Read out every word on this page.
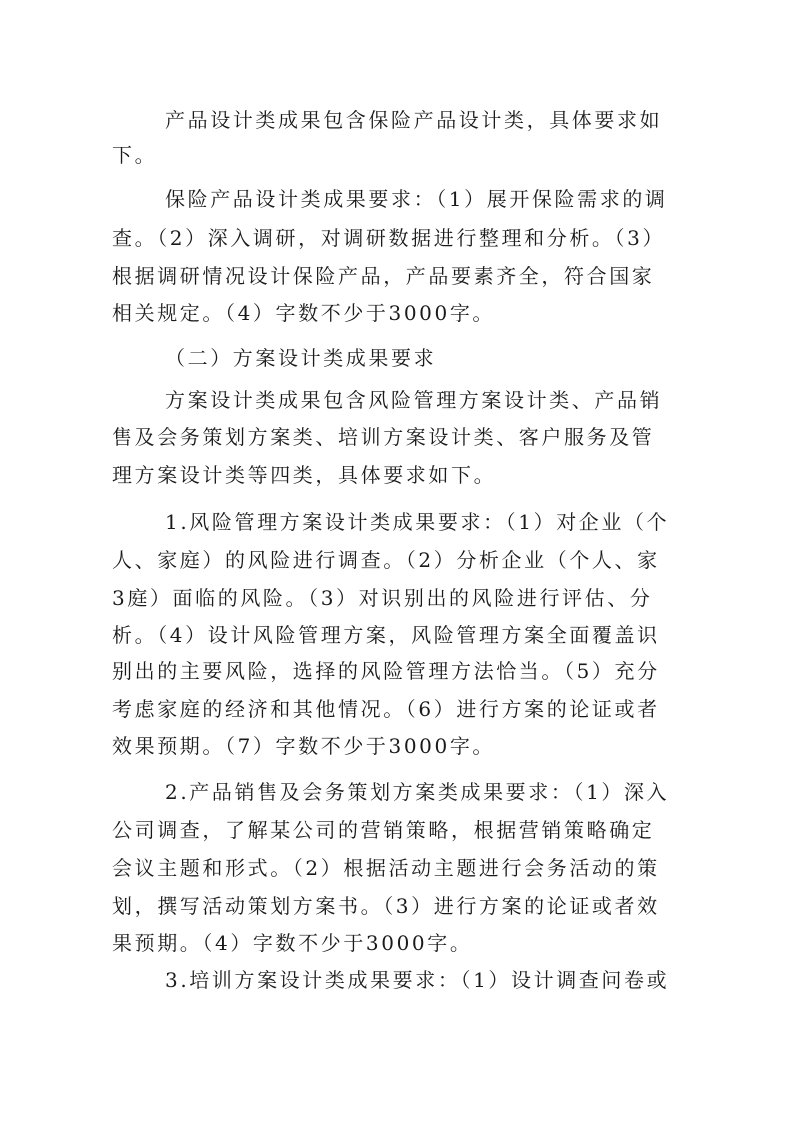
产品设计类成果包含保险产品设计类，具体要求如
下。
保险产品设计类成果要求：（1）展开保险需求的调
查。（2）深入调研，对调研数据进行整理和分析。（3）
根据调研情况设计保险产品，产品要素齐全，符合国家
相关规定。（4）字数不少于3000字。
（二）方案设计类成果要求
方案设计类成果包含风险管理方案设计类、产品销
售及会务策划方案类、培训方案设计类、客户服务及管
理方案设计类等四类，具体要求如下。
1.风险管理方案设计类成果要求：（1）对企业（个
人、家庭）的风险进行调查。（2）分析企业（个人、家
3庭）面临的风险。（3）对识别出的风险进行评估、分
析。（4）设计风险管理方案，风险管理方案全面覆盖识
别出的主要风险，选择的风险管理方法恰当。（5）充分
考虑家庭的经济和其他情况。（6）进行方案的论证或者
效果预期。（7）字数不少于3000字。
2.产品销售及会务策划方案类成果要求：（1）深入
公司调查，了解某公司的营销策略，根据营销策略确定
会议主题和形式。（2）根据活动主题进行会务活动的策
划，撰写活动策划方案书。（3）进行方案的论证或者效
果预期。（4）字数不少于3000字。
3.培训方案设计类成果要求：（1）设计调查问卷或
